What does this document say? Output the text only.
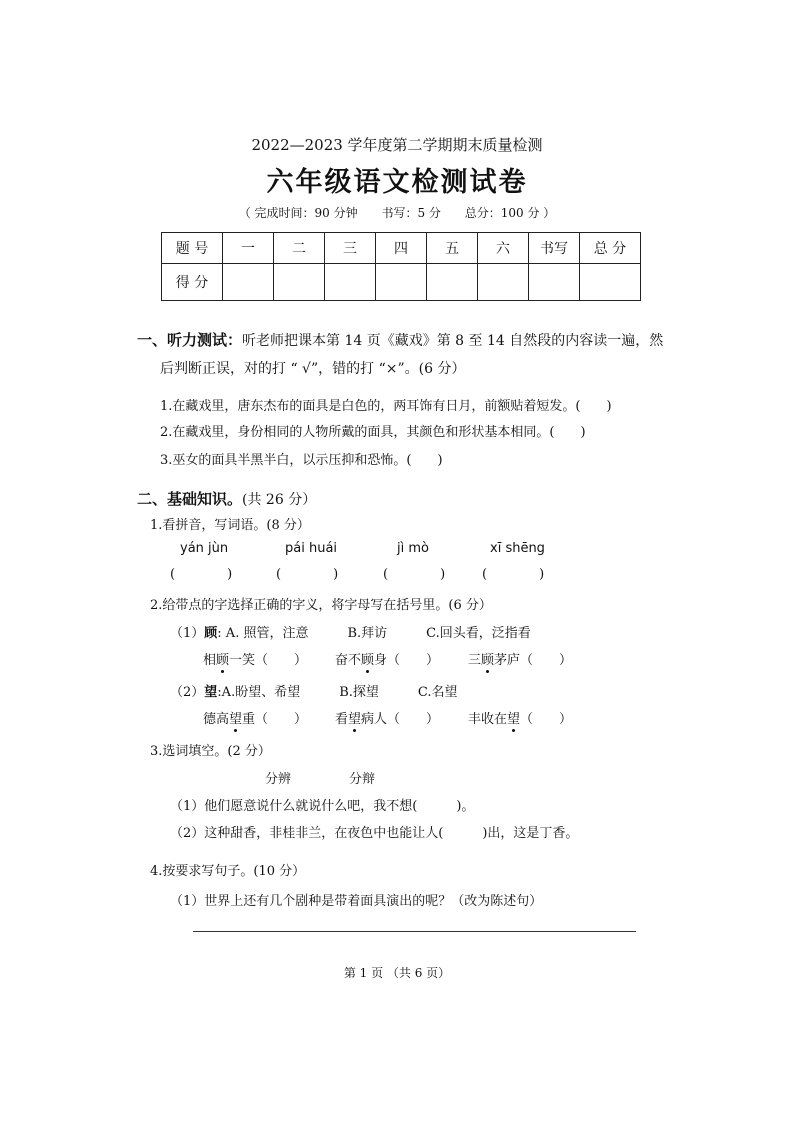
2022—2023 学年度第二学期期末质量检测
六年级语文检测试卷
（ 完成时间：90 分钟 书写：5 分 总分：100 分 ）
题 号	一	二	三	四	五	六	书写	总 分
得 分								
一、听力测试：听老师把课本第 14 页《藏戏》第 8 至 14 自然段的内容读一遍，然
后判断正误，对的打 “ √”，错的打 “×”。(6 分）
1.在藏戏里，唐东杰布的面具是白色的，两耳饰有日月，前额贴着短发。(　　)
2.在藏戏里，身份相同的人物所戴的面具，其颜色和形状基本相同。(　　)
3.巫女的面具半黑半白，以示压抑和恐怖。(　　)
二、基础知识。(共 26 分）
1.看拼音，写词语。(8 分）
yán jùn	pái huái	jì mò	xī shēng
(　　　　)	(　　　　)	(　　　　)	(　　　　)
2.给带点的字选择正确的字义，将字母写在括号里。(6 分）
（1）顾: A. 照管，注意　　　B.拜访　　　C.回头看，泛指看
相顾一笑（　　） 奋不顾身（　　） 三顾茅庐（　　）
（2）望:A.盼望、希望　　　B.探望　　　C.名望
德高望重（　　） 看望病人（　　） 丰收在望（　　）
3.选词填空。(2 分）
分辨	分辩
（1）他们愿意说什么就说什么吧，我不想(　　　)。
（2）这种甜香，非桂非兰，在夜色中也能让人(　　　)出，这是丁香。
4.按要求写句子。(10 分）
（1）世界上还有几个剧种是带着面具演出的呢？（改为陈述句）
第 1 页 （共 6 页）
